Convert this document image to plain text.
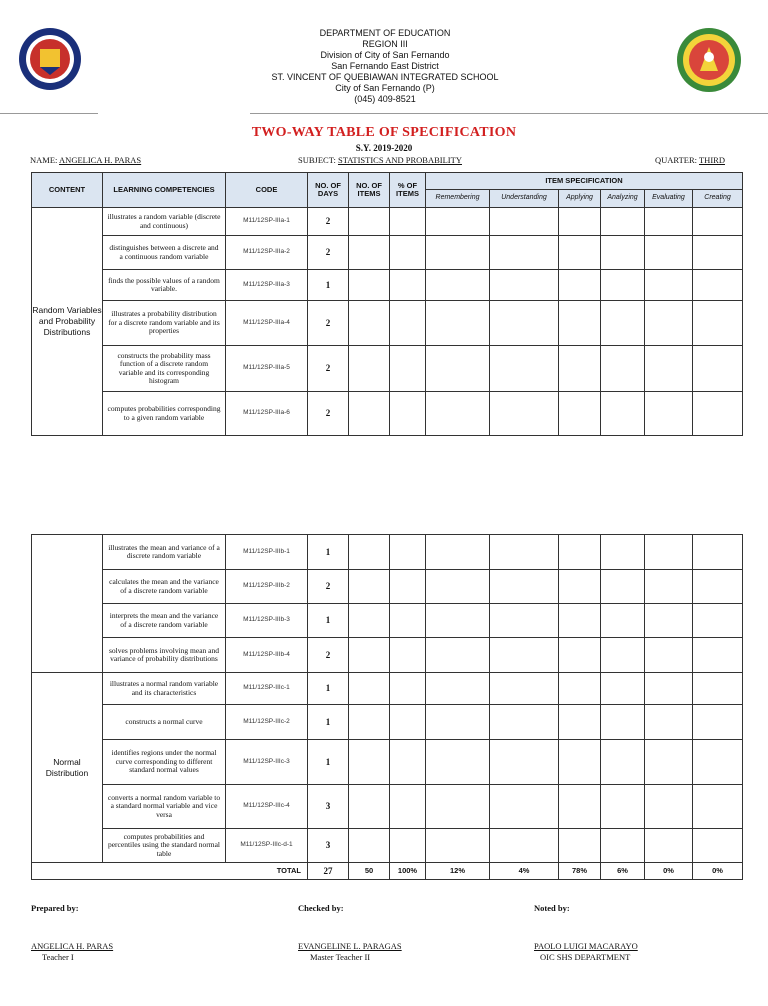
DEPARTMENT OF EDUCATION
REGION III
Division of City of San Fernando
San Fernando East District
ST. VINCENT OF QUEBIAWAN INTEGRATED SCHOOL
City of San Fernando (P)
(045) 409-8521
TWO-WAY TABLE OF SPECIFICATION
S.Y. 2019-2020
NAME: ANGELICA H. PARAS	SUBJECT: STATISTICS AND PROBABILITY	QUARTER: THIRD
CONTENT	LEARNING COMPETENCIES	CODE	NO. OF DAYS	NO. OF ITEMS	% OF ITEMS	ITEM SPECIFICATION					
						Remembering	Understanding	Applying	Analyzing	Evaluating	Creating
Random Variables and Probability Distributions	illustrates a random variable (discrete and continuous)	M11/12SP-IIIa-1	2								
	distinguishes between a discrete and a continuous random variable	M11/12SP-IIIa-2	2								
	finds the possible values of a random variable.	M11/12SP-IIIa-3	1								
	illustrates a probability distribution for a discrete random variable and its properties	M11/12SP-IIIa-4	2								
	constructs the probability mass function of a discrete random variable and its corresponding histogram	M11/12SP-IIIa-5	2								
	computes probabilities corresponding to a given random variable	M11/12SP-IIIa-6	2								
	illustrates the mean and variance of a discrete random variable	M11/12SP-IIIb-1	1								
	calculates the mean and the variance of a discrete random variable	M11/12SP-IIIb-2	2								
	interprets the mean and the variance of a discrete random variable	M11/12SP-IIIb-3	1								
	solves problems involving mean and variance of probability distributions	M11/12SP-IIIb-4	2								
Normal Distribution	illustrates a normal random variable and its characteristics	M11/12SP-IIIc-1	1								
	constructs a normal curve	M11/12SP-IIIc-2	1								
	identifies regions under the normal curve corresponding to different standard normal values	M11/12SP-IIIc-3	1								
	converts a normal random variable to a standard normal variable and vice versa	M11/12SP-IIIc-4	3								
	computes probabilities and percentiles using the standard normal table	M11/12SP-IIIc-d-1	3								
TOTAL			27	50	100%	12%	4%	78%	6%	0%	0%
Prepared by:	Checked by:	Noted by:
ANGELICA H. PARAS
Teacher I
EVANGELINE L. PARAGAS
Master Teacher II
PAOLO LUIGI MACARAYO
OIC SHS DEPARTMENT
